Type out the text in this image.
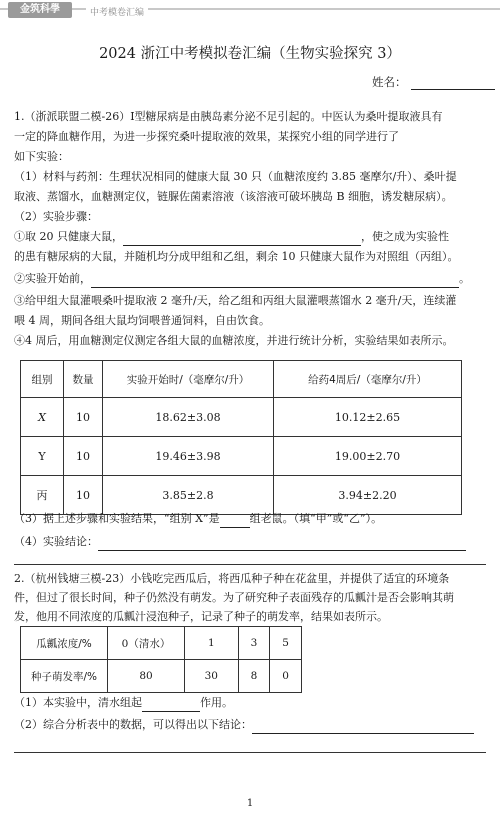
金筑科學	中考模卷汇编
2024 浙江中考模拟卷汇编（生物实验探究 3）
姓名：
1.（浙派联盟二模-26）Ⅰ型糖尿病是由胰岛素分泌不足引起的。中医认为桑叶提取液具有
一定的降血糖作用，为进一步探究桑叶提取液的效果，某探究小组的同学进行了
如下实验：
（1）材料与药剂：生理状况相同的健康大鼠 30 只（血糖浓度约 3.85 毫摩尔/升）、桑叶提
取液、蒸馏水，血糖测定仪，链脲佐菌素溶液（该溶液可破坏胰岛 B 细胞，诱发糖尿病）。
（2）实验步骤：
①取 20 只健康大鼠，	，使之成为实验性
的患有糖尿病的大鼠，并随机均分成甲组和乙组，剩余 10 只健康大鼠作为对照组（丙组）。
②实验开始前，	。
③给甲组大鼠灌喂桑叶提取液 2 毫升/天，给乙组和丙组大鼠灌喂蒸馏水 2 毫升/天，连续灌
喂 4 周，期间各组大鼠均饲喂普通饲料，自由饮食。
④4 周后，用血糖测定仪测定各组大鼠的血糖浓度，并进行统计分析，实验结果如表所示。
组别	数量	实验开始时/（毫摩尔/升）	给药4周后/（毫摩尔/升）
X	10	18.62±3.08	10.12±2.65
Y	10	19.46±3.98	19.00±2.70
丙	10	3.85±2.8	3.94±2.20
（3）据上述步骤和实验结果，“组别 X”是	组老鼠。（填“甲”或“乙”）。
（4）实验结论：
2.（杭州钱塘三模-23）小钱吃完西瓜后，将西瓜种子种在花盆里，并提供了适宜的环境条
件，但过了很长时间，种子仍然没有萌发。为了研究种子表面残存的瓜瓤汁是否会影响其萌
发，他用不同浓度的瓜瓤汁浸泡种子，记录了种子的萌发率，结果如表所示。
瓜瓤浓度/%	0（清水）	1	3	5
种子萌发率/%	80	30	8	0
（1）本实验中，清水组起	作用。
（2）综合分析表中的数据，可以得出以下结论：
1
